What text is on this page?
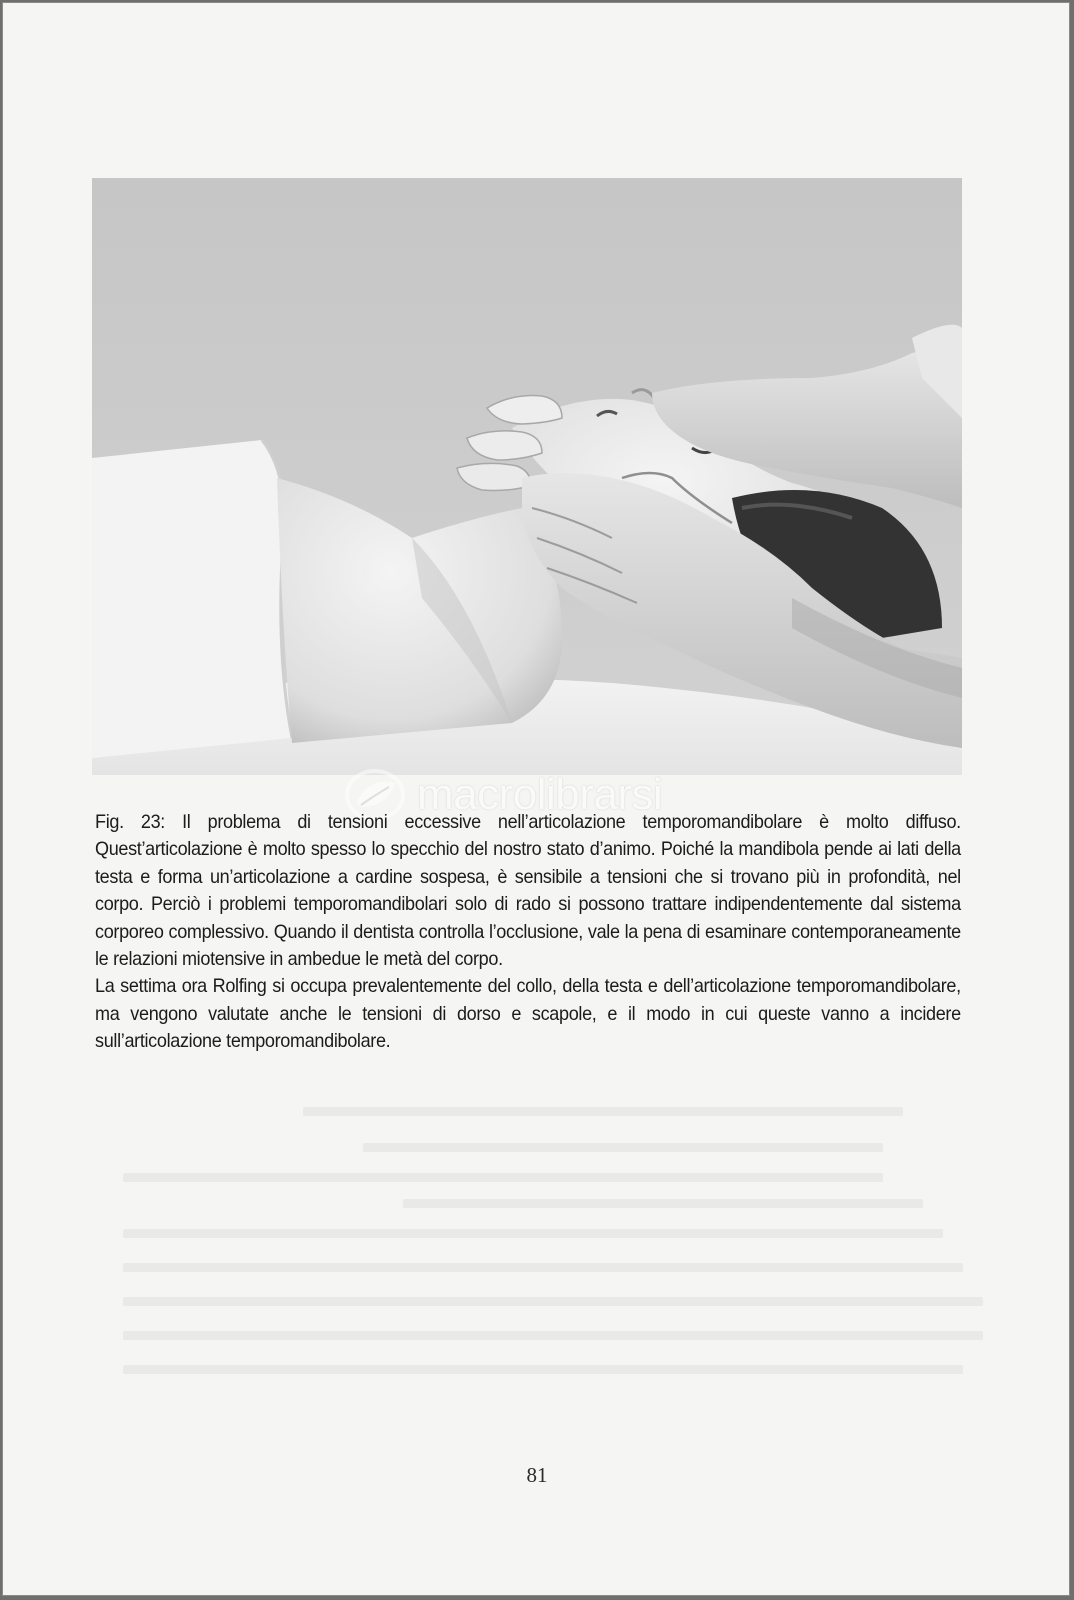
macrolibrarsi

Fig. 23: Il problema di tensioni eccessive nell’articolazione temporomandibolare è molto diffuso. Quest’articolazione è molto spesso lo specchio del nostro stato d’animo. Poiché la mandibola pende ai lati della testa e forma un’articolazione a cardine sospesa, è sensibile a tensioni che si trovano più in profondità, nel corpo. Perciò i problemi temporomandibolari solo di rado si possono trattare indipendentemente dal sistema corporeo complessivo. Quando il dentista controlla l’occlusione, vale la pena di esaminare contemporaneamente le relazioni miotensive in ambedue le metà del corpo.

La settima ora Rolfing si occupa prevalentemente del collo, della testa e dell’articolazione temporomandibolare, ma vengono valutate anche le tensioni di dorso e scapole, e il modo in cui queste vanno a incidere sull’articolazione temporomandibolare.

81
